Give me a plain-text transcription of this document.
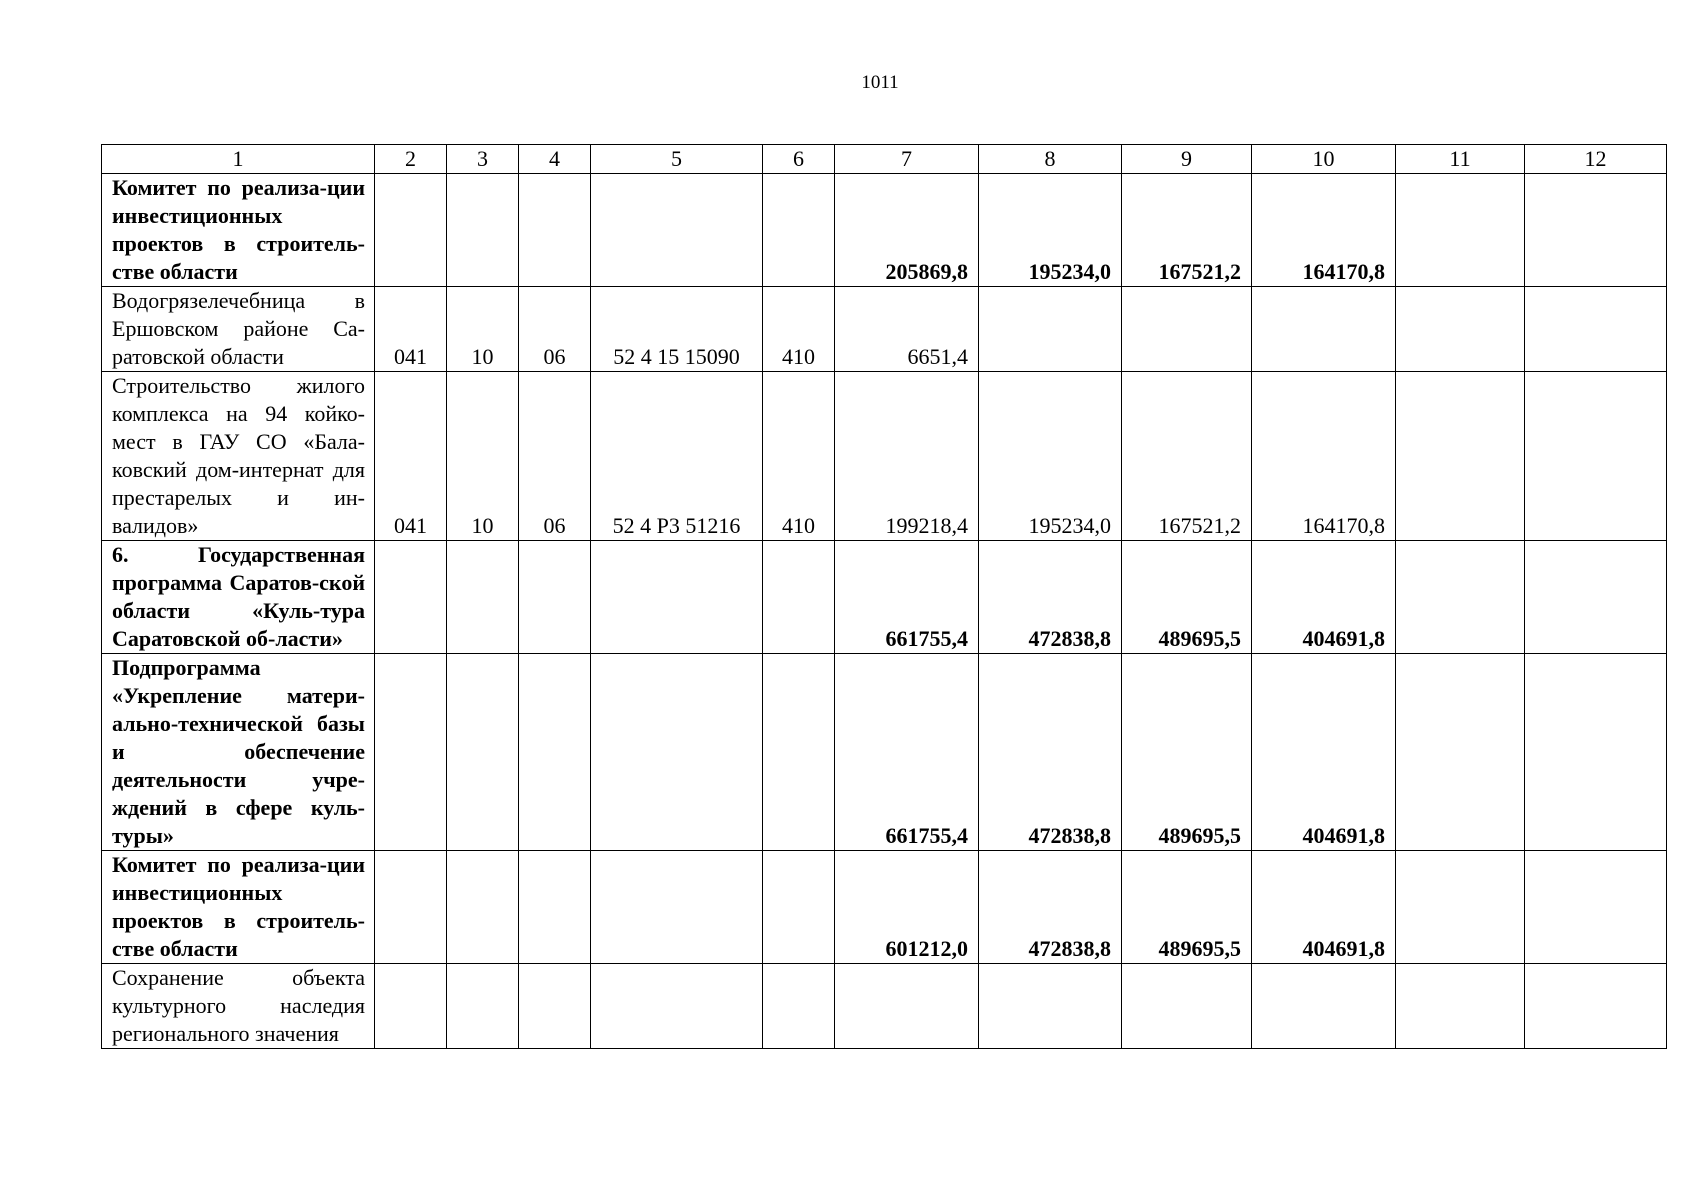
1011
1	2	3	4	5	6	7	8	9	10	11	12
Комитет по реализа-ции инвестиционных проектов в строитель-стве области						205869,8	195234,0	167521,2	164170,8		
Водогрязелечебница в Ершовском районе Са-ратовской области	041	10	06	52 4 15 15090	410	6651,4					
Строительство жилого комплекса на 94 койко-мест в ГАУ СО «Бала-ковский дом-интернат для престарелых и ин-валидов»	041	10	06	52 4 Р3 51216	410	199218,4	195234,0	167521,2	164170,8		
6. Государственная программа Саратов-ской области «Куль-тура Саратовской об-ласти»						661755,4	472838,8	489695,5	404691,8		
Подпрограмма «Укрепление матери-ально-технической базы и обеспечение деятельности учре-ждений в сфере куль-туры»						661755,4	472838,8	489695,5	404691,8		
Комитет по реализа-ции инвестиционных проектов в строитель-стве области						601212,0	472838,8	489695,5	404691,8		
Сохранение объекта культурного наследия регионального значения											
